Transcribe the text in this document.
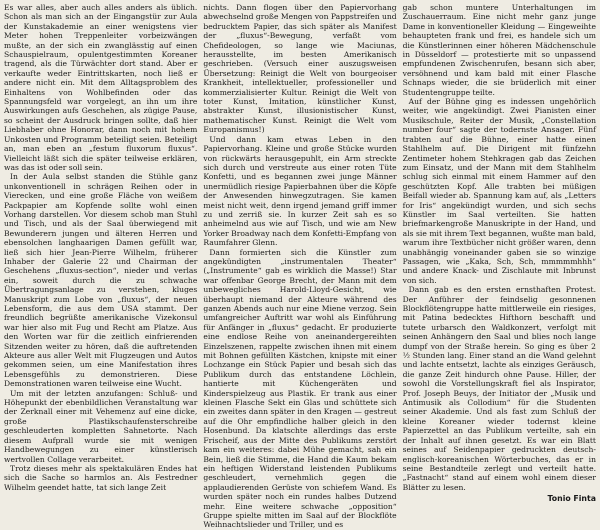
Es war alles, aber auch alles anders als üblich. Schon als man sich an der Eingangstür zur Aula der Kunstakademie an einer wenigstens vier Meter hohen Treppenleiter vorbeizwängen mußte, an der sich ein zwanglässtig auf einen Schauspielraum, opulentgestimmten Koreaner tragend, als die Türwächter dort stand. Aber er verkaufte weder Eintrittskarten, noch ließ er andere nicht ein. Mit dem Alltagsproblem des Einhaltens von Wohlbefinden oder das Spannungsfeld war vorgelegt, an ihn um ihre Auswirkungen aufs Geschehen, als zügige Pause, so scheint der Ausdruck bringen sollte, daß hier Liebhaber ohne Honorar, dann noch mit hohem Unkosten und Programm beteiligt seien. Beteiligt an, man eben an „festum fluxorum fluxus“. Vielleicht läßt sich die später teilweise erklären, was das ist oder soll sein.

In der Aula selbst standen die Stühle ganz unkonventionell in schrägen Reihen oder in Vierecken, und eine große Fläche von weißem Packpapier am Kopfende sollte wohl einen Vorhang darstellen. Vor diesem schob man Stuhl und Tisch, und als der Saal überwiegend mit Bewunderern jungen und älteren Herren und ebensolchen langhaarigen Damen gefüllt war, ließ sich hier Jean-Pierre Wilhelm, früherer Inhaber der Galerie 22 und Chairman der Geschehens „fluxus-section“, nieder und verlas ein, soweit durch die zu schwache Übertragungsanlage zu verstehen, kluges Manuskript zum Lobe von „fluxus“, der neuen Lebensform, die aus dem USA stammt. Der freundlich begrüßte amerikanische Vizekonsul war hier also mit Fug und Recht am Platze. Aus den Worten war für die zeitlich einfrierenden Sitzenden weiter zu hören, daß die auftretenden Akteure aus aller Welt mit Flugzeugen und Autos gekommen seien, um eine Manifestation ihres Lebensgefühls zu demonstrieren. Diese Demonstrationen waren teilweise eine Wucht.

Um mit der letzten anzufangen: Schluß- und Höhepunkt der ebenbildlichen Veranstaltung war der Zerknall einer mit Vehemenz auf eine dicke, große Plastikschaufensterschreibe geschleuderten kompletten Sahnetorte. Nach diesem Aufprall wurde sie mit wenigen Handbewegungen zu einer künstlerisch wertvollen Collage verarbeitet.

Trotz dieses mehr als spektakulären Endes hat sich die Sache so harmlos an. Als Festredner Wilhelm geendet hatte, tat sich lange Zeit

nichts. Dann flogen über den Papiervorhang abwechselnd große Mengen von Pappstreifen und bedrucktem Papier, das sich später als Manifest der „fluxus“-Bewegung, verfaßt vom Chefideologen, so lange wie Maciunas, herausstellte, im besten Amerikanisch geschrieben. (Versuch einer auszugsweisen Übersetzung: Reinigt die Welt von bourgeoiser Krankheit, intellektueller, professioneller und kommerzialisierter Kultur. Reinigt die Welt von toter Kunst, Imitation, künstlicher Kunst, abstrakter Kunst, illusionistischer Kunst, mathematischer Kunst. Reinigt die Welt vom Europanismus!)

Und dann kam etwas Leben in den Papiervorhang. Kleine und große Stücke wurden von rückwärts herausgepuhlt, ein Arm streckte sich durch und verstreute aus einer roten Tüte Konfetti, und es begannen zwei junge Männer unermüdlich riesige Papierbahnen über die Köpfe der Anwesenden hinwegzutragen. Sie kamen meist nicht weit, denn irgend jemand griff immer zu und zerriß sie. In kurzer Zeit sah es so anheimelnd aus wie auf Tisch, und wie am New Yorker Broadway nach dem Konfetti-Empfang von Raumfahrer Glenn.

Dann formierten sich die Künstler zum angekündigten „instrumentalen Theater“ („Instrumente“ gab es wirklich die Masse!) Star war offenbar George Brecht, der Mann mit dem unbewegliches Harold-Lloyd-Gesicht, wie überhaupt niemand der Akteure während des ganzen Abends auch nur eine Miene verzog. Sein umfangreicher Auftritt war wohl als Einführung für Anfänger in „fluxus“ gedacht. Er produzierte eine endlose Reihe von aneinandergereihten Einzelszenen, rappelte zwischen ihnen mit einem mit Bohnen gefüllten Kästchen, knipste mit einer Lochzange ein Stück Papier und besah sich das Publikum durch das entstandene Löchlein, hantierte mit Küchengeräten und Kinderspielzeug aus Plastik. Er trank aus einer kleinen Flasche Sekt ein Glas und schüttete sich ein zweites dann später in den Kragen — gestreut auf die Ohr empfindliche halber gleich in den Hosenbund. Da klatschte allerdings das erste Frischeif, aus der Mitte des Publikums zerstört kam ein weiteres: dabei Mühe gemacht, sah ein Bein, ließ die Stimme, die Hand die Kaum bekam ein heftigen Widerstand leistenden Publikums geschleudert, vernehmlich gegen die applaudierenden Gerüste von schiefem Wand. Es wurden später noch ein rundes halbes Dutzend mehr. Eine weitere schwache „opposition“ Gruppe spielte mitten im Saal auf der Blockflöte Weihnachtslieder und Triller, und es

gab schon muntere Unterhaltungen im Zuschauerraum. Eine nicht mehr ganz junge Dame in konventioneller Kleidung — Eingeweihte behaupteten frank und frei, es handele sich um die Künstlerinnen einer höheren Mädchenschule in Düsseldorf — protestierte mit so unpassend empfundenen Zwischenrufen, besann sich aber, versöhnend und kam bald mit einer Flasche Schnaps wieder, die sie brüderlich mit einer Studentengruppe teilte.

Auf der Bühne ging es indessen ungehörlich weiter, wie angekündigt. Zwei Pianisten einer Musikschule, Reiter der Musik, „Constellation number four“ sagte der todernste Ansager. Fünf trabten auf die Bühne, einer hatte einen Stahlhelm auf. Die Dirigent mit fünfzehn Zentimeter hohem Stehkragen gab das Zeichen zum Einsatz, und der Mann mit dem Stahlhelm schlug sich einmal mit einem Hammer auf den geschützten Kopf. Alle trabten bei müßigen Beifall wieder ab. Spannung kam auf, als „Letters for Iris“ angekündigt wurden, und sich sechs Künstler im Saal verteilten. Sie hatten briefmarkengroße Manuskripte in der Hand, und als sie mit ihrem Text begannen, wußte man bald, warum ihre Textbücher nicht größer waren, denn unabhängig voneinander gaben sie so winzige Passagen, wie „Kaka, Sch, Sch, mmmmmhhh“ und andere Knack- und Zischlaute mit Inbrunst von sich.

Dann gab es den ersten ernsthaften Protest. Der Anführer der feindselig gesonnenen Blockflötengruppe hatte mittlerweile ein riesiges, mit Patina bedecktes Hifthorn beschafft und tutete urbarsch den Waldkonzert, verfolgt mit seinen Anhängern den Saal und blies noch lange dumpf von der Straße herein. So ging es über 2 ½ Stunden lang. Einer stand an die Wand gelehnt und lachte entsetzt, lachte als einziges Geräusch, die ganze Zeit hindurch ohne Pause. Hiller, der sowohl die Vorstellungskraft fiel als Inspirator, Prof. Joseph Beuys, der Initiator der „Musik und Antimusik als Collodium“ für die Studenten seiner Akademie. Und als fast zum Schluß der kleine Koreaner wieder todernst kleine Papierzettel an das Publikum verteilte, sah ein der Inhalt auf ihnen gesetzt. Es war ein Blatt seines auf Seidenpapier gedruckten deutsch-englisch-koreanischen Wörterbuches, das er in seine Bestandteile zerlegt und verteilt hatte. „Fastnacht“ stand auf einem wohl einem dieser Blätter zu lesen.

Tonio Finta
